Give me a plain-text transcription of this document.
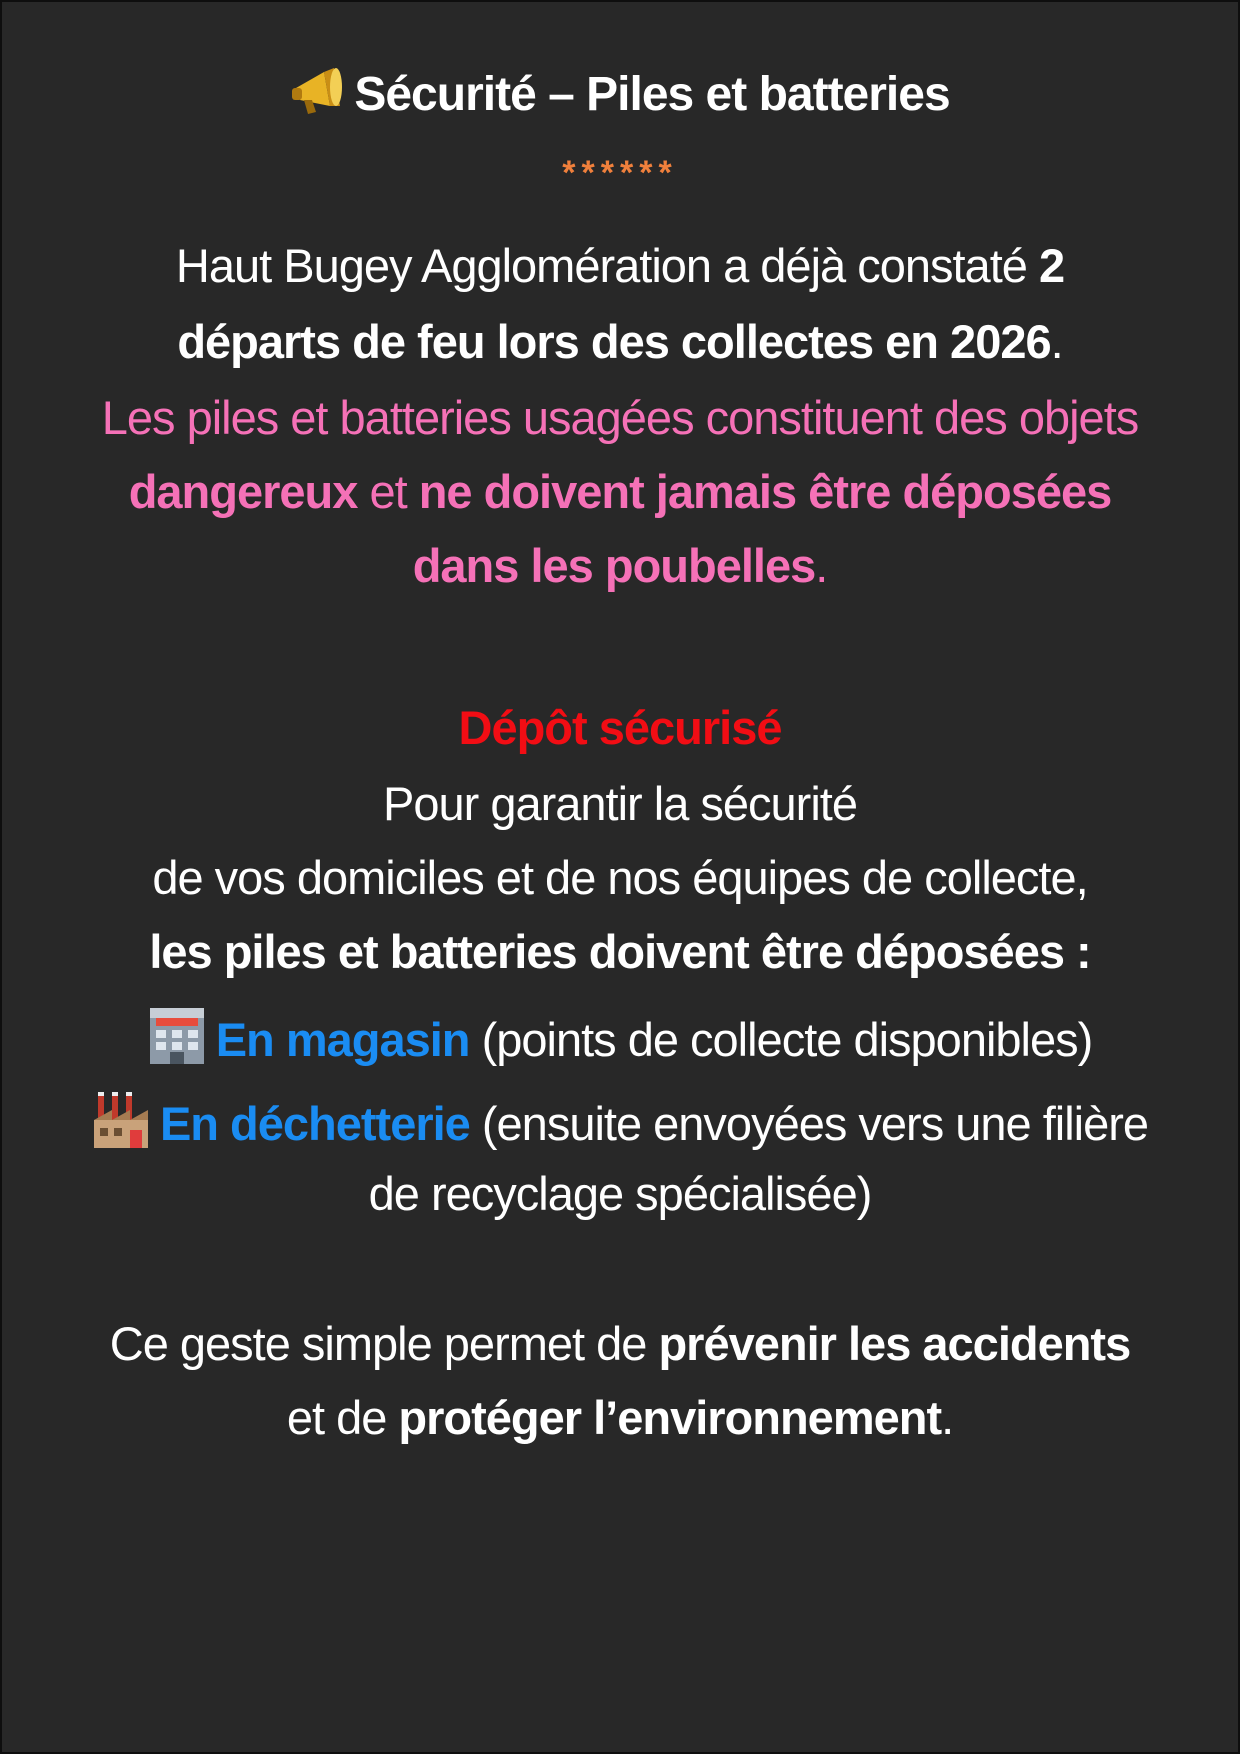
Sécurité – Piles et batteries
******
Haut Bugey Agglomération a déjà constaté 2
départs de feu lors des collectes en 2026.
Les piles et batteries usagées constituent des objets
dangereux et ne doivent jamais être déposées
dans les poubelles.
Dépôt sécurisé
Pour garantir la sécurité
de vos domiciles et de nos équipes de collecte,
les piles et batteries doivent être déposées :
En magasin (points de collecte disponibles)
En déchetterie (ensuite envoyées vers une filière
de recyclage spécialisée)
Ce geste simple permet de prévenir les accidents
et de protéger l’environnement.
